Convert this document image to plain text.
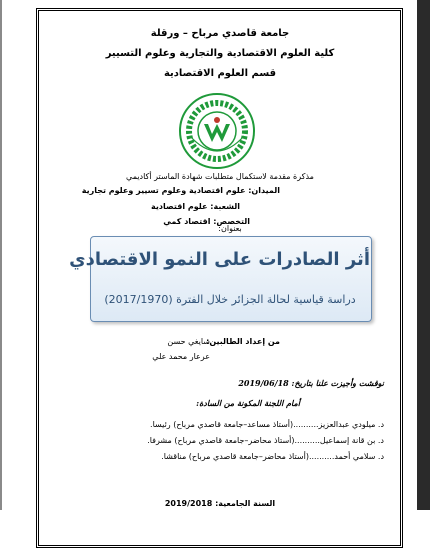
جامعة قاصدي مرباح – ورقلة
كلية العلوم الاقتصادية والتجارية وعلوم التسيير
قسم العلوم الاقتصادية
مذكرة مقدمة لاستكمال متطلبات شهادة الماستر أكاديمي
الميدان: علوم اقتصادية وعلوم تسيير وعلوم تجارية
الشعبة: علوم اقتصادية
التخصص: اقتصاد كمي
بعنوان:
أثر الصادرات على النمو الاقتصادي
دراسة قياسية لحالة الجزائر خلال الفترة (2017/1970)
من إعداد الطالبين:
سايغي حسن
عرعار محمد علي
نوقشت وأجيزت علنا بتاريخ: 2019/06/18
أمام اللجنة المكونة من السادة:
د. ميلودي عبدالعزيز..........(أستاذ مساعد–جامعة قاصدي مرباح) رئيسا.
د. بن قانة إسماعيل..........(أستاذ محاضر–جامعة قاصدي مرباح) مشرفا.
د. سلامي أحمد..........(أستاذ محاضر–جامعة قاصدي مرباح) مناقشا.
السنة الجامعية: 2019/2018
